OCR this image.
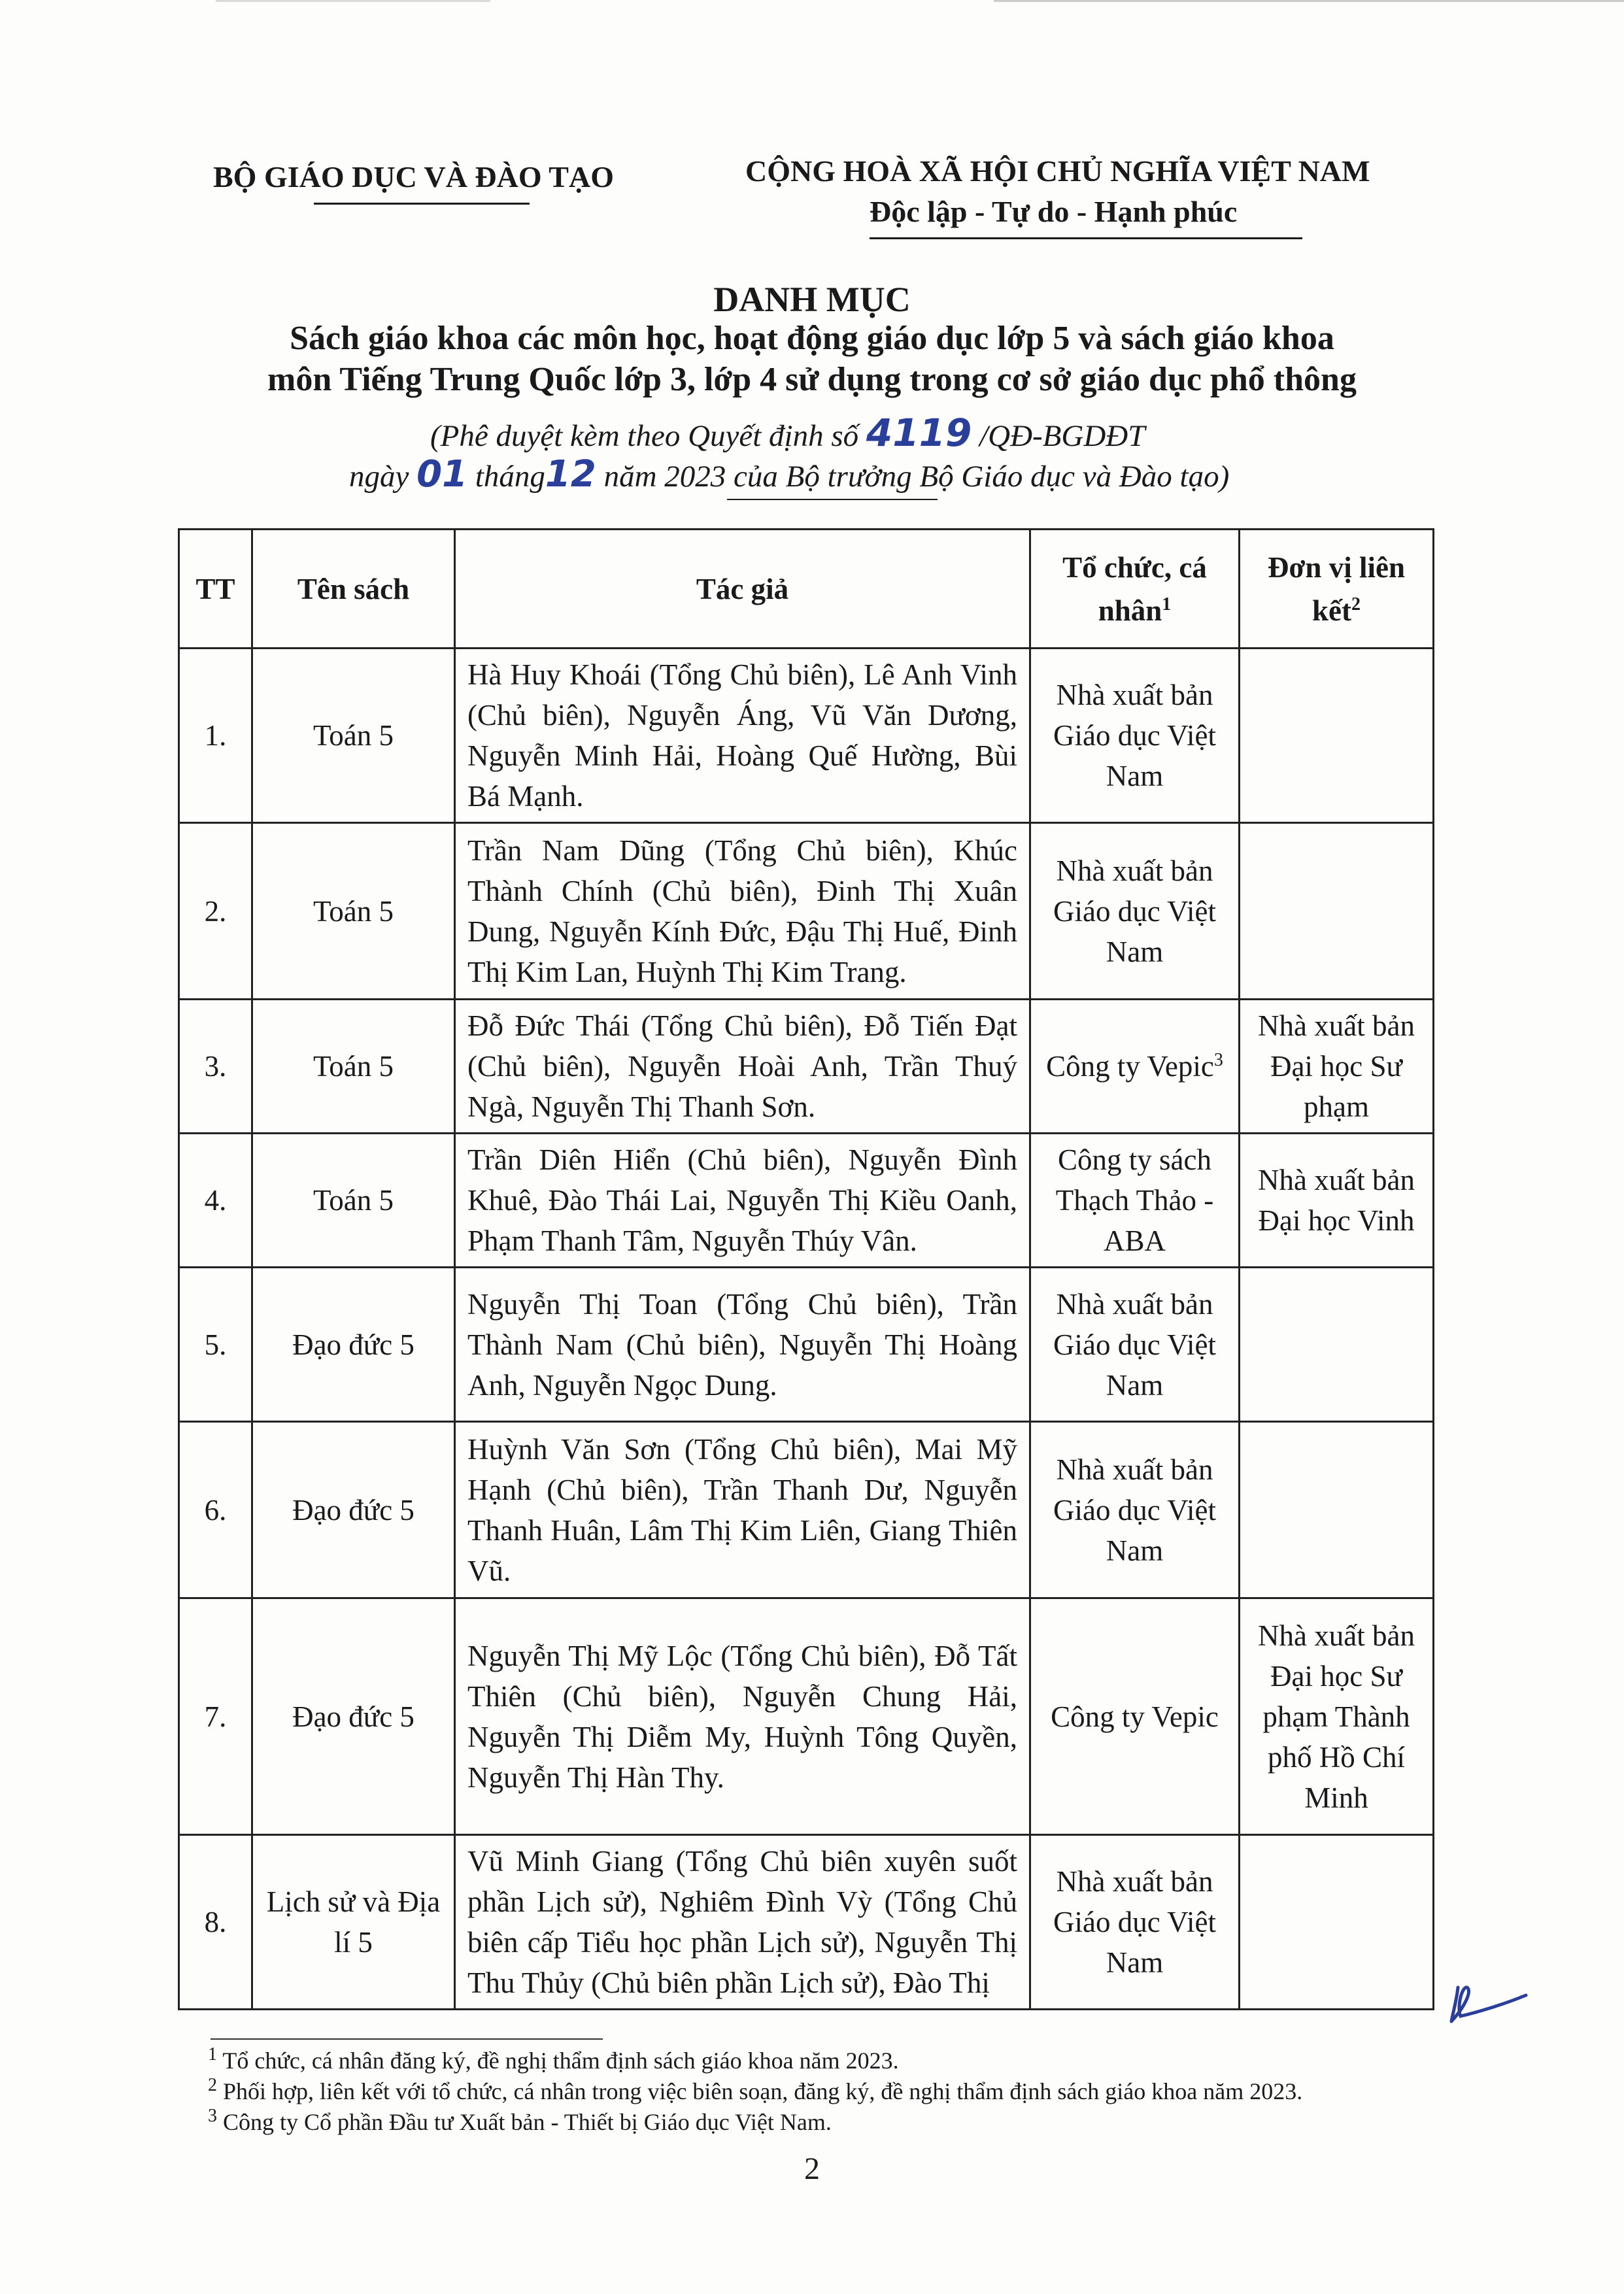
BỘ GIÁO DỤC VÀ ĐÀO TẠO	CỘNG HOÀ XÃ HỘI CHỦ NGHĨA VIỆT NAM
Độc lập - Tự do - Hạnh phúc
DANH MỤC
Sách giáo khoa các môn học, hoạt động giáo dục lớp 5 và sách giáo khoa
môn Tiếng Trung Quốc lớp 3, lớp 4 sử dụng trong cơ sở giáo dục phổ thông
(Phê duyệt kèm theo Quyết định số 4119 /QĐ-BGDĐT
ngày 01 tháng12 năm 2023 của Bộ trưởng Bộ Giáo dục và Đào tạo)
TT	Tên sách	Tác giả	Tổ chức, cá nhân$^1$	Đơn vị liên kết$^2$
1.	Toán 5	Hà Huy Khoái (Tổng Chủ biên), Lê Anh Vinh (Chủ biên), Nguyễn Áng, Vũ Văn Dương, Nguyễn Minh Hải, Hoàng Quế Hường, Bùi Bá Mạnh.	Nhà xuất bản Giáo dục Việt Nam	
2.	Toán 5	Trần Nam Dũng (Tổng Chủ biên), Khúc Thành Chính (Chủ biên), Đinh Thị Xuân Dung, Nguyễn Kính Đức, Đậu Thị Huế, Đinh Thị Kim Lan, Huỳnh Thị Kim Trang.	Nhà xuất bản Giáo dục Việt Nam	
3.	Toán 5	Đỗ Đức Thái (Tổng Chủ biên), Đỗ Tiến Đạt (Chủ biên), Nguyễn Hoài Anh, Trần Thuý Ngà, Nguyễn Thị Thanh Sơn.	Công ty Vepic$^3$	Nhà xuất bản Đại học Sư phạm
4.	Toán 5	Trần Diên Hiển (Chủ biên), Nguyễn Đình Khuê, Đào Thái Lai, Nguyễn Thị Kiều Oanh, Phạm Thanh Tâm, Nguyễn Thúy Vân.	Công ty sách Thạch Thảo - ABA	Nhà xuất bản Đại học Vinh
5.	Đạo đức 5	Nguyễn Thị Toan (Tổng Chủ biên), Trần Thành Nam (Chủ biên), Nguyễn Thị Hoàng Anh, Nguyễn Ngọc Dung.	Nhà xuất bản Giáo dục Việt Nam	
6.	Đạo đức 5	Huỳnh Văn Sơn (Tổng Chủ biên), Mai Mỹ Hạnh (Chủ biên), Trần Thanh Dư, Nguyễn Thanh Huân, Lâm Thị Kim Liên, Giang Thiên Vũ.	Nhà xuất bản Giáo dục Việt Nam	
7.	Đạo đức 5	Nguyễn Thị Mỹ Lộc (Tổng Chủ biên), Đỗ Tất Thiên (Chủ biên), Nguyễn Chung Hải, Nguyễn Thị Diễm My, Huỳnh Tông Quyền, Nguyễn Thị Hàn Thy.	Công ty Vepic	Nhà xuất bản Đại học Sư phạm Thành phố Hồ Chí Minh
8.	Lịch sử và Địa lí 5	Vũ Minh Giang (Tổng Chủ biên xuyên suốt phần Lịch sử), Nghiêm Đình Vỳ (Tổng Chủ biên cấp Tiểu học phần Lịch sử), Nguyễn Thị Thu Thủy (Chủ biên phần Lịch sử), Đào Thị	Nhà xuất bản Giáo dục Việt Nam	
$^1$ Tổ chức, cá nhân đăng ký, đề nghị thẩm định sách giáo khoa năm 2023.
$^2$ Phối hợp, liên kết với tổ chức, cá nhân trong việc biên soạn, đăng ký, đề nghị thẩm định sách giáo khoa năm 2023.
$^3$ Công ty Cổ phần Đầu tư Xuất bản - Thiết bị Giáo dục Việt Nam.
2
